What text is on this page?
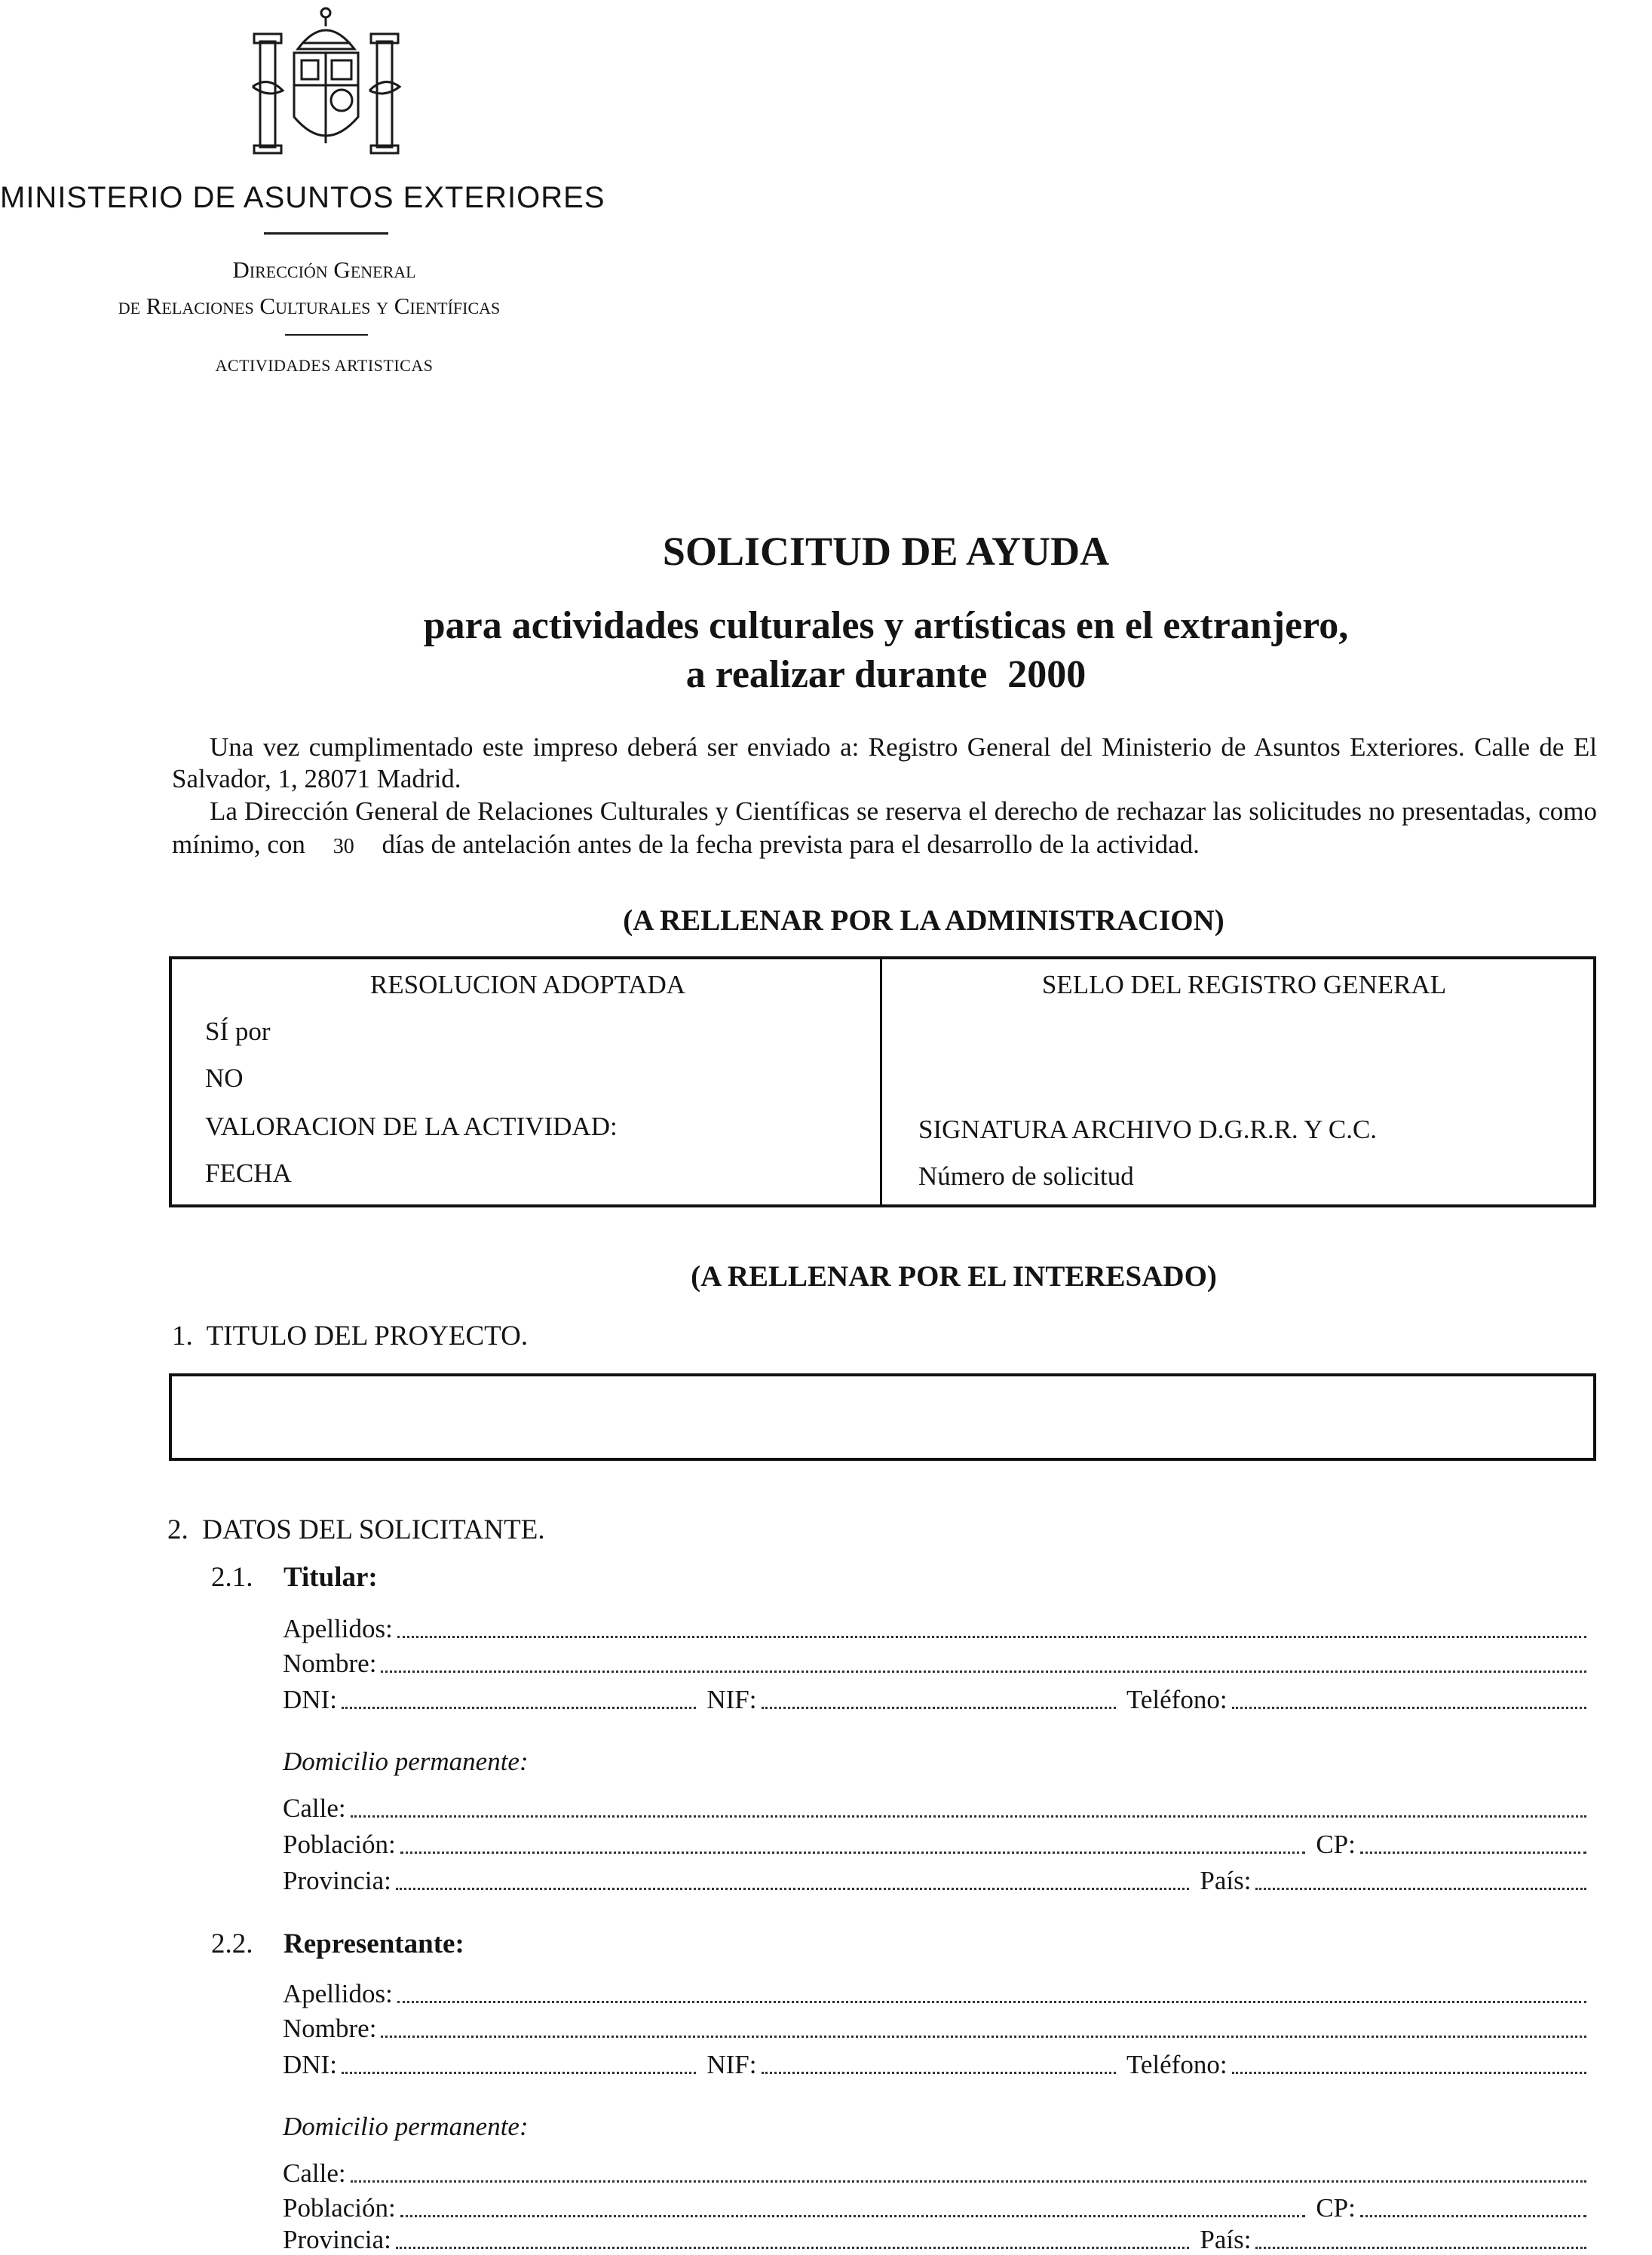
MINISTERIO DE ASUNTOS EXTERIORES
Dirección General
de Relaciones Culturales y Científicas
ACTIVIDADES ARTISTICAS
SOLICITUD DE AYUDA
para actividades culturales y artísticas en el extranjero,
a realizar durante 2000
Una vez cumplimentado este impreso deberá ser enviado a: Registro General del Ministerio de Asuntos Exteriores. Calle de El Salvador, 1, 28071 Madrid.
La Dirección General de Relaciones Culturales y Científicas se reserva el derecho de rechazar las solicitudes no presentadas, como mínimo, con 30 días de antelación antes de la fecha prevista para el desarrollo de la actividad.
(A RELLENAR POR LA ADMINISTRACION)
RESOLUCION ADOPTADA
SÍ por
NO
VALORACION DE LA ACTIVIDAD:
FECHA
SELLO DEL REGISTRO GENERAL
SIGNATURA ARCHIVO D.G.R.R. Y C.C.
Número de solicitud
(A RELLENAR POR EL INTERESADO)
1.  TITULO DEL PROYECTO.
2.  DATOS DEL SOLICITANTE.
2.1. Titular:
Apellidos:
Nombre:
DNI:	NIF:	Teléfono:
Domicilio permanente:
Calle:
Población:	CP:
Provincia:	País:
2.2. Representante:
Apellidos:
Nombre:
DNI:	NIF:	Teléfono:
Domicilio permanente:
Calle:
Población:	CP:
Provincia:	País:
